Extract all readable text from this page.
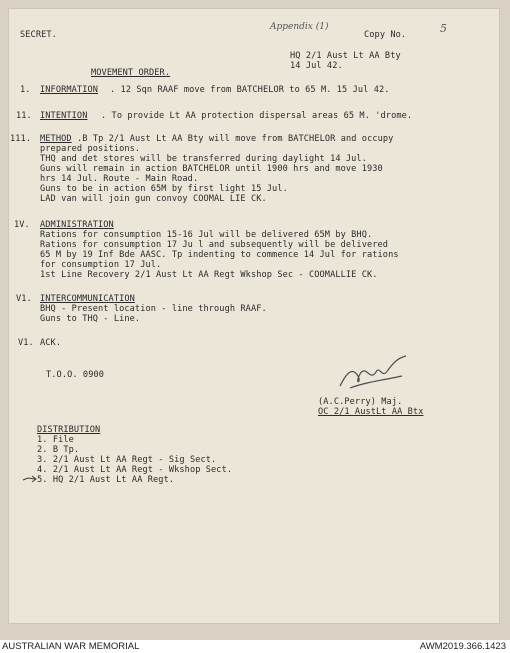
SECRET.
Appendix (1)
Copy No.	5
HQ 2/1 Aust Lt AA Bty
14 Jul 42.
MOVEMENT ORDER.
1. INFORMATION . 12 Sqn RAAF move from BATCHELOR to 65 M. 15 Jul 42.
11. INTENTION . To provide Lt AA protection dispersal areas 65 M. 'drome.
111. METHOD .B Tp 2/1 Aust Lt AA Bty will move from BATCHELOR and occupy
prepared positions.
THQ and det stores will be transferred during daylight 14 Jul.
Guns will remain in action BATCHELOR until 1900 hrs and move 1930
hrs 14 Jul. Route - Main Road.
Guns to be in action 65M by first light 15 Jul.
LAD van will join gun convoy COOMAL LIE CK.
1V. ADMINISTRATION
Rations for consumption 15-16 Jul will be delivered 65M by BHQ.
Rations for consumption 17 Ju l and subsequently will be delivered
65 M by 19 Inf Bde AASC. Tp indenting to commence 14 Jul for rations
for consumption 17 Jul.
1st Line Recovery 2/1 Aust Lt AA Regt Wkshop Sec - COOMALLIE CK.
V1. INTERCOMMUNICATION
BHQ - Present location - line through RAAF.
Guns to THQ - Line.
V1. ACK.
T.O.O. 0900
(A.C.Perry) Maj.
OC 2/1 AustLt AA Btx
DISTRIBUTION
1. File
2. B Tp.
3. 2/1 Aust Lt AA Regt - Sig Sect.
4. 2/1 Aust Lt AA Regt - Wkshop Sect.
5. HQ 2/1 Aust Lt AA Regt.
AUSTRALIAN WAR MEMORIAL	AWM2019.366.1423
